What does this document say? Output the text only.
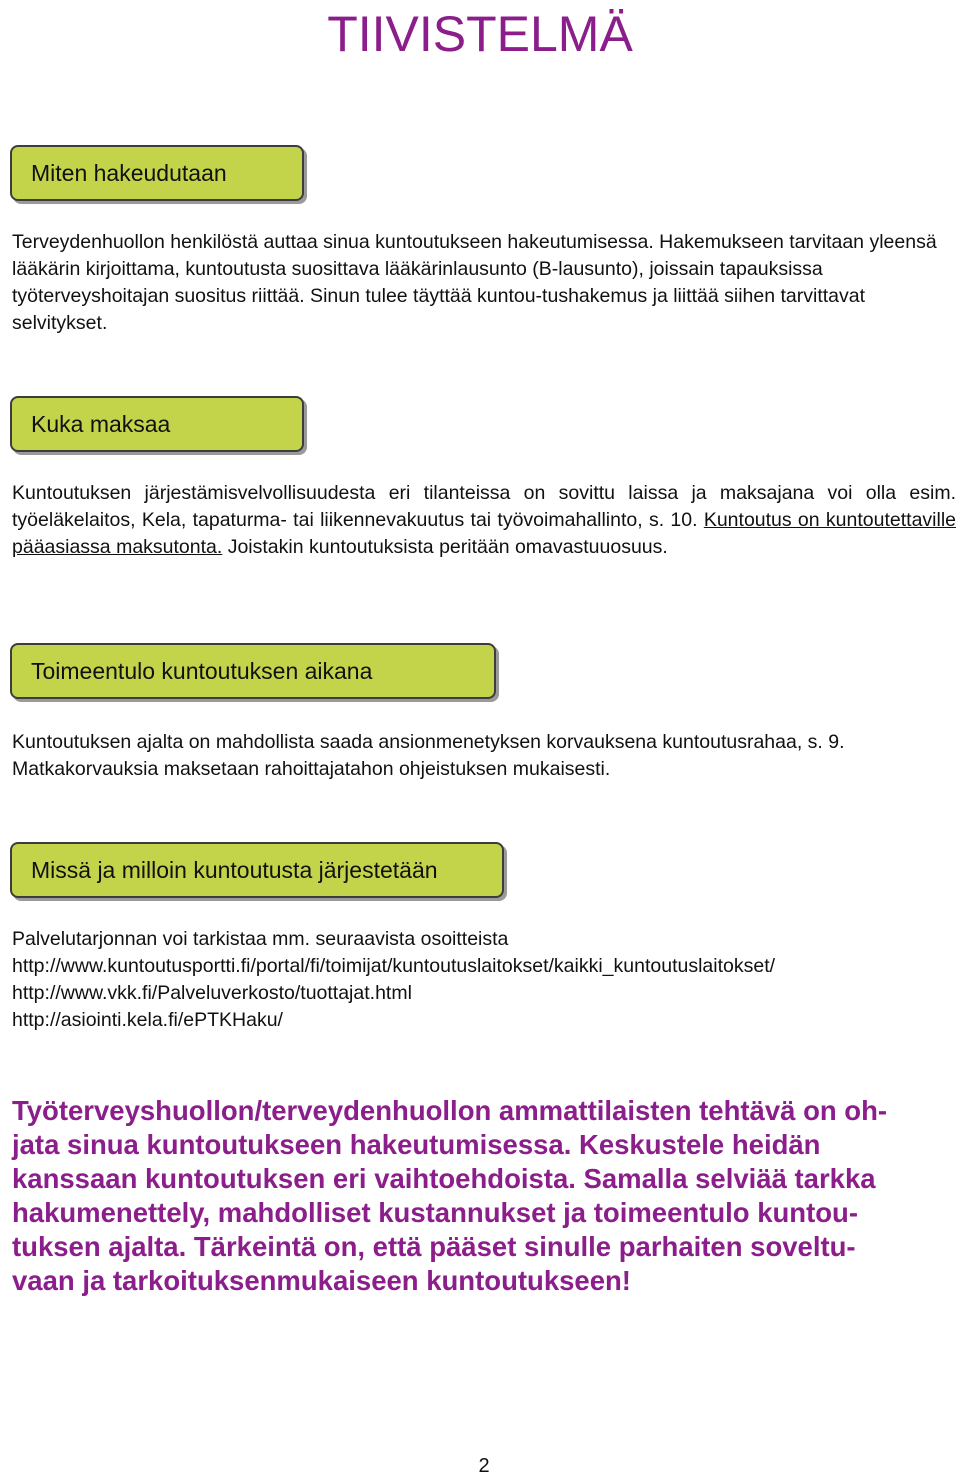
TIIVISTELMÄ
Miten hakeudutaan

Terveydenhuollon henkilöstä auttaa sinua kuntoutukseen hakeutumisessa. Hakemukseen tarvitaan yleensä lääkärin kirjoittama, kuntoutusta suosittava lääkärinlausunto (B-lausunto), joissain tapauksissa työterveyshoitajan suositus riittää. Sinun tulee täyttää kuntou-tushakemus ja liittää siihen tarvittavat selvitykset.

Kuka maksaa

Kuntoutuksen järjestämisvelvollisuudesta eri tilanteissa on sovittu laissa ja maksajana voi olla esim. työeläkelaitos, Kela, tapaturma- tai liikennevakuutus tai työvoimahallinto, s. 10. Kuntoutus on kuntoutettaville pääasiassa maksutonta. Joistakin kuntoutuksista peritään omavastuuosuus.

Toimeentulo kuntoutuksen aikana

Kuntoutuksen ajalta on mahdollista saada ansionmenetyksen korvauksena kuntoutusrahaa, s. 9. Matkakorvauksia maksetaan rahoittajatahon ohjeistuksen mukaisesti.

Missä ja milloin kuntoutusta järjestetään
Palvelutarjonnan voi tarkistaa mm. seuraavista osoitteista
http://www.kuntoutusportti.fi/portal/fi/toimijat/kuntoutuslaitokset/kaikki_kuntoutuslaitokset/
http://www.vkk.fi/Palveluverkosto/tuottajat.html
http://asiointi.kela.fi/ePTKHaku/
Työterveyshuollon/terveydenhuollon ammattilaisten tehtävä on oh-
jata sinua kuntoutukseen hakeutumisessa. Keskustele heidän
kanssaan kuntoutuksen eri vaihtoehdoista. Samalla selviää tarkka
hakumenettely, mahdolliset kustannukset ja toimeentulo kuntou-
tuksen ajalta. Tärkeintä on, että pääset sinulle parhaiten soveltu-
vaan ja tarkoituksenmukaiseen kuntoutukseen!
2
